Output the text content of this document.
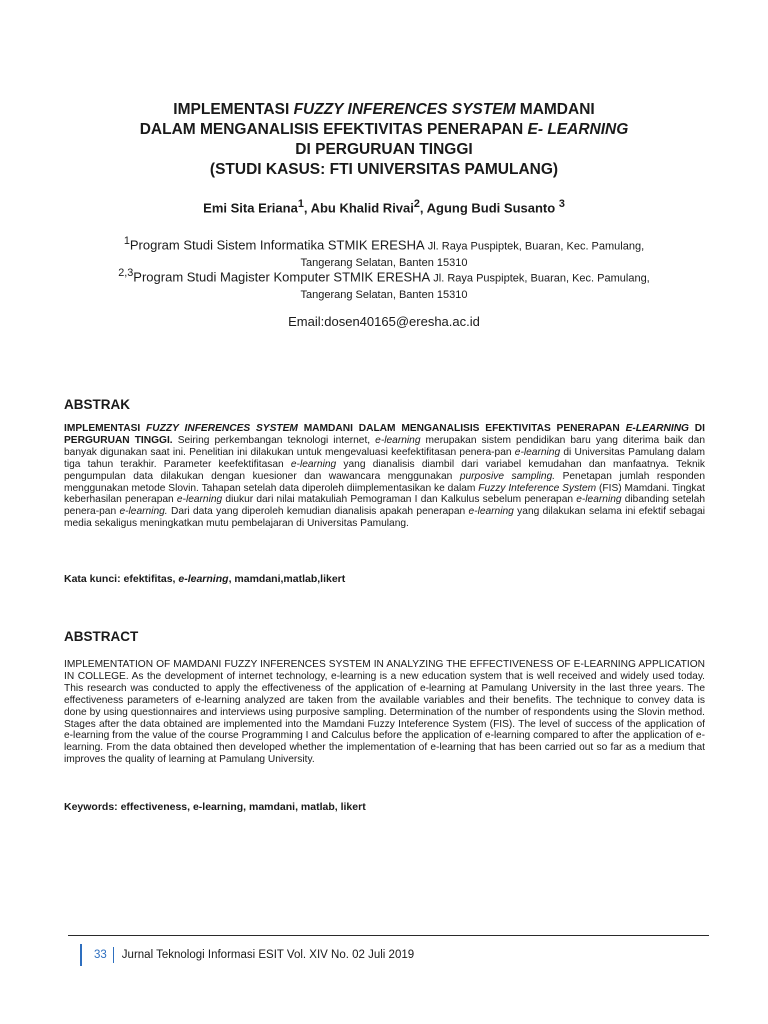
IMPLEMENTASI FUZZY INFERENCES SYSTEM MAMDANI
DALAM MENGANALISIS EFEKTIVITAS PENERAPAN E- LEARNING
DI PERGURUAN TINGGI
(STUDI KASUS: FTI UNIVERSITAS PAMULANG)
Emi Sita Eriana$^1$, Abu Khalid Rivai$^2$, Agung Budi Susanto $^3$
$^1$Program Studi Sistem Informatika STMIK ERESHA Jl. Raya Puspiptek, Buaran, Kec. Pamulang,
Tangerang Selatan, Banten 15310
$^{2,3}$Program Studi Magister Komputer STMIK ERESHA Jl. Raya Puspiptek, Buaran, Kec. Pamulang,
Tangerang Selatan, Banten 15310
Email:dosen40165@eresha.ac.id
ABSTRAK
IMPLEMENTASI FUZZY INFERENCES SYSTEM MAMDANI DALAM MENGANALISIS EFEKTIVITAS PENERAPAN E-LEARNING DI PERGURUAN TINGGI. Seiring perkembangan teknologi internet, e-learning merupakan sistem pendidikan baru yang diterima baik dan banyak digunakan saat ini. Penelitian ini dilakukan untuk mengevaluasi keefektifitasan penera-pan e-learning di Universitas Pamulang dalam tiga tahun terakhir. Parameter keefektifitasan e-learning yang dianalisis diambil dari variabel kemudahan dan manfaatnya. Teknik pengumpulan data dilakukan dengan kuesioner dan wawancara menggunakan purposive sampling. Penetapan jumlah responden menggunakan metode Slovin. Tahapan setelah data diperoleh diimplementasikan ke dalam Fuzzy Inteference System (FIS) Mamdani. Tingkat keberhasilan penerapan e-learning diukur dari nilai matakuliah Pemograman I dan Kalkulus sebelum penerapan e-learning dibanding setelah penera-pan e-learning. Dari data yang diperoleh kemudian dianalisis apakah penerapan e-learning yang dilakukan selama ini efektif sebagai media sekaligus meningkatkan mutu pembelajaran di Universitas Pamulang.
Kata kunci: efektifitas, e-learning, mamdani,matlab,likert
ABSTRACT
IMPLEMENTATION OF MAMDANI FUZZY INFERENCES SYSTEM IN ANALYZING THE EFFECTIVENESS OF E-LEARNING APPLICATION IN COLLEGE. As the development of internet technology, e-learning is a new education system that is well received and widely used today. This research was conducted to apply the effectiveness of the application of e-learning at Pamulang University in the last three years. The effectiveness parameters of e-learning analyzed are taken from the available variables and their benefits. The technique to convey data is done by using questionnaires and interviews using purposive sampling. Determination of the number of respondents using the Slovin method. Stages after the data obtained are implemented into the Mamdani Fuzzy Inteference System (FIS). The level of success of the application of e-learning from the value of the course Programming I and Calculus before the application of e-learning compared to after the application of e-learning. From the data obtained then developed whether the implementation of e-learning that has been carried out so far as a medium that improves the quality of learning at Pamulang University.
Keywords: effectiveness, e-learning, mamdani, matlab, likert
33 Jurnal Teknologi Informasi ESIT Vol. XIV No. 02 Juli 2019
